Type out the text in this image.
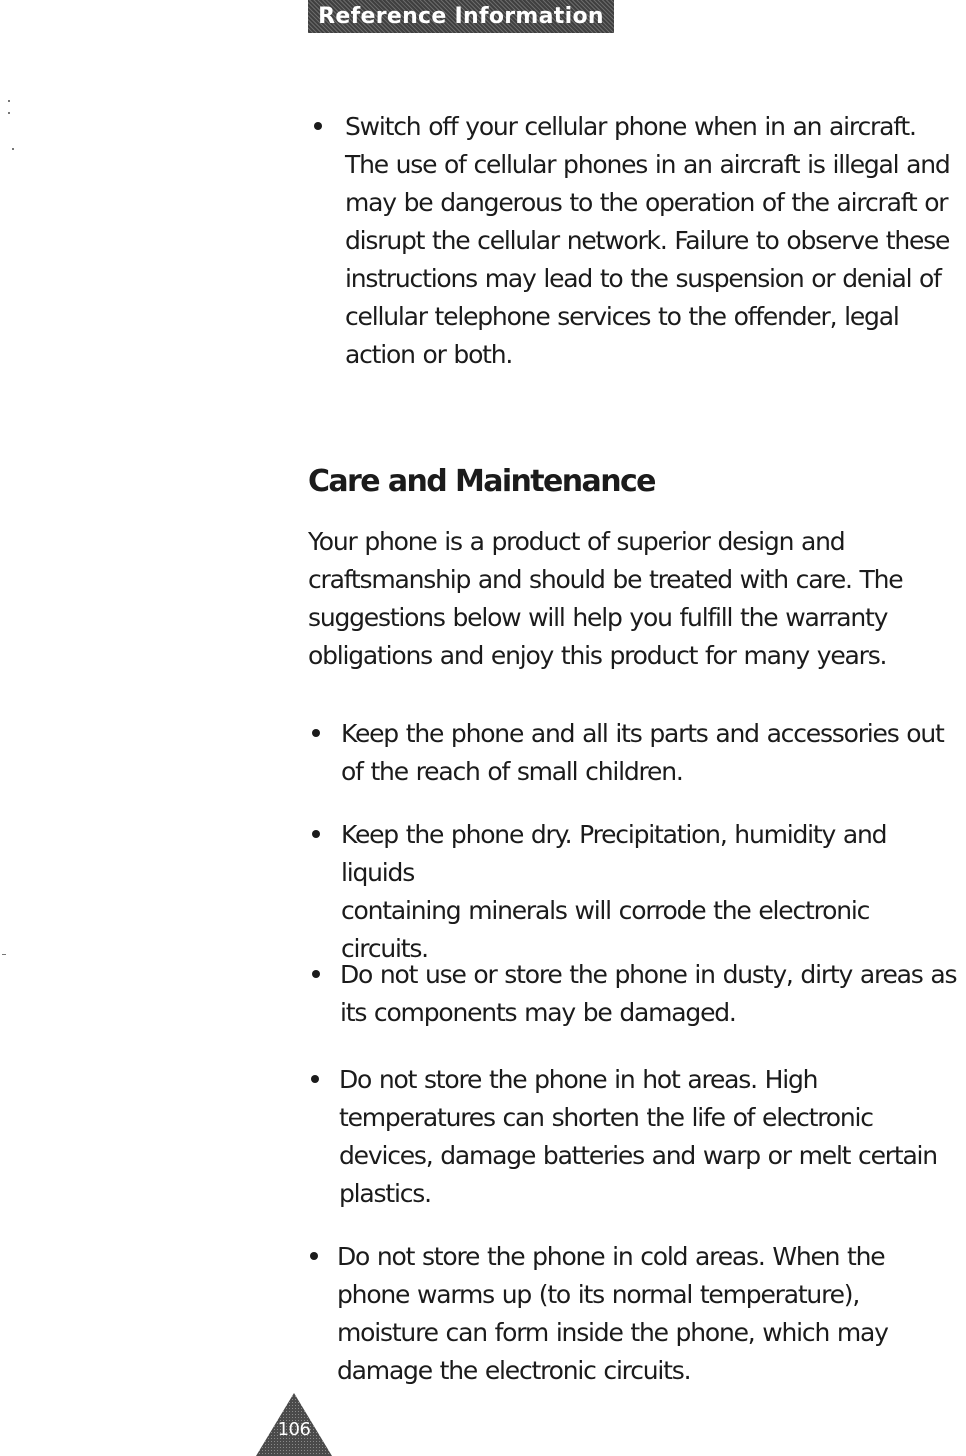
Reference Information
Switch off your cellular phone when in an aircraft.
The use of cellular phones in an aircraft is illegal and
may be dangerous to the operation of the aircraft or
disrupt the cellular network. Failure to observe these
instructions may lead to the suspension or denial of
cellular telephone services to the offender, legal
action or both.
Care and Maintenance
Your phone is a product of superior design and
craftsmanship and should be treated with care. The
suggestions below will help you fulfill the warranty
obligations and enjoy this product for many years.
Keep the phone and all its parts and accessories out
of the reach of small children.
Keep the phone dry. Precipitation, humidity and liquids
containing minerals will corrode the electronic
circuits.
Do not use or store the phone in dusty, dirty areas as
its components may be damaged.
Do not store the phone in hot areas. High
temperatures can shorten the life of electronic
devices, damage batteries and warp or melt certain
plastics.
Do not store the phone in cold areas. When the
phone warms up (to its normal temperature),
moisture can form inside the phone, which may
damage the electronic circuits.
106
